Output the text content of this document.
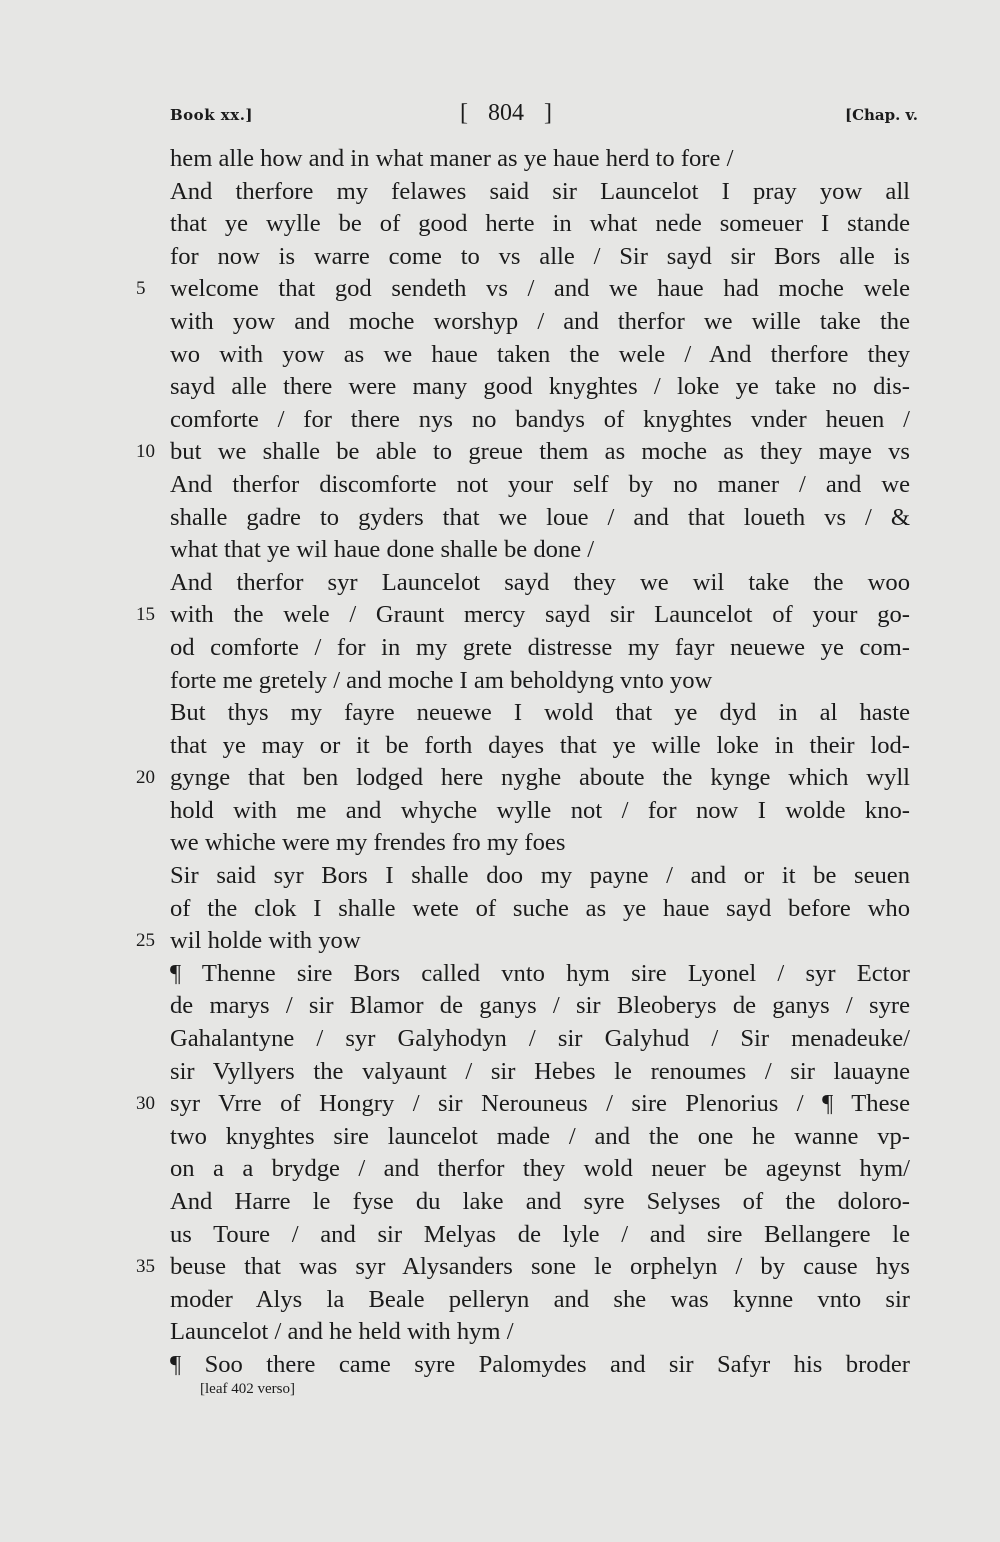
Book xx.]	[ 804 ]	[Chap. v.
hem alle how and in what maner as ye haue herd to fore /
And therfore my felawes said sir Launcelot I pray yow all
that ye wylle be of good herte in what nede someuer I stande
for now is warre come to vs alle / Sir sayd sir Bors alle is
5 welcome that god sendeth vs / and we haue had moche wele
with yow and moche worshyp / and therfor we wille take the
wo with yow as we haue taken the wele / And therfore they
sayd alle there were many good knyghtes / loke ye take no dis-
comforte / for there nys no bandys of knyghtes vnder heuen /
10 but we shalle be able to greue them as moche as they maye vs
And therfor discomforte not your self by no maner / and we
shalle gadre to gyders that we loue / and that loueth vs / &
what that ye wil haue done shalle be done /
And therfor syr Launcelot sayd they we wil take the woo
15 with the wele / Graunt mercy sayd sir Launcelot of your go-
od comforte / for in my grete distresse my fayr neuewe ye com-
forte me gretely / and moche I am beholdyng vnto yow
But thys my fayre neuewe I wold that ye dyd in al haste
that ye may or it be forth dayes that ye wille loke in their lod-
20 gynge that ben lodged here nyghe aboute the kynge which wyll
hold with me and whyche wylle not / for now I wolde kno-
we whiche were my frendes fro my foes
Sir said syr Bors I shalle doo my payne / and or it be seuen
of the clok I shalle wete of suche as ye haue sayd before who
25 wil holde with yow
¶ Thenne sire Bors called vnto hym sire Lyonel / syr Ector
de marys / sir Blamor de ganys / sir Bleoberys de ganys / syre
Gahalantyne / syr Galyhodyn / sir Galyhud / Sir menadeuke/
sir Vyllyers the valyaunt / sir Hebes le renoumes / sir lauayne
30 syr Vrre of Hongry / sir Nerouneus / sire Plenorius / ¶ These
two knyghtes sire launcelot made / and the one he wanne vp-
on a a brydge / and therfor they wold neuer be ageynst hym/
And Harre le fyse du lake and syre Selyses of the doloro-
us Toure / and sir Melyas de lyle / and sire Bellangere le
35 beuse that was syr Alysanders sone le orphelyn / by cause hys
moder Alys la Beale pelleryn and she was kynne vnto sir
Launcelot / and he held with hym /
¶ Soo there came syre Palomydes and sir Safyr his broder
[leaf 402 verso]
